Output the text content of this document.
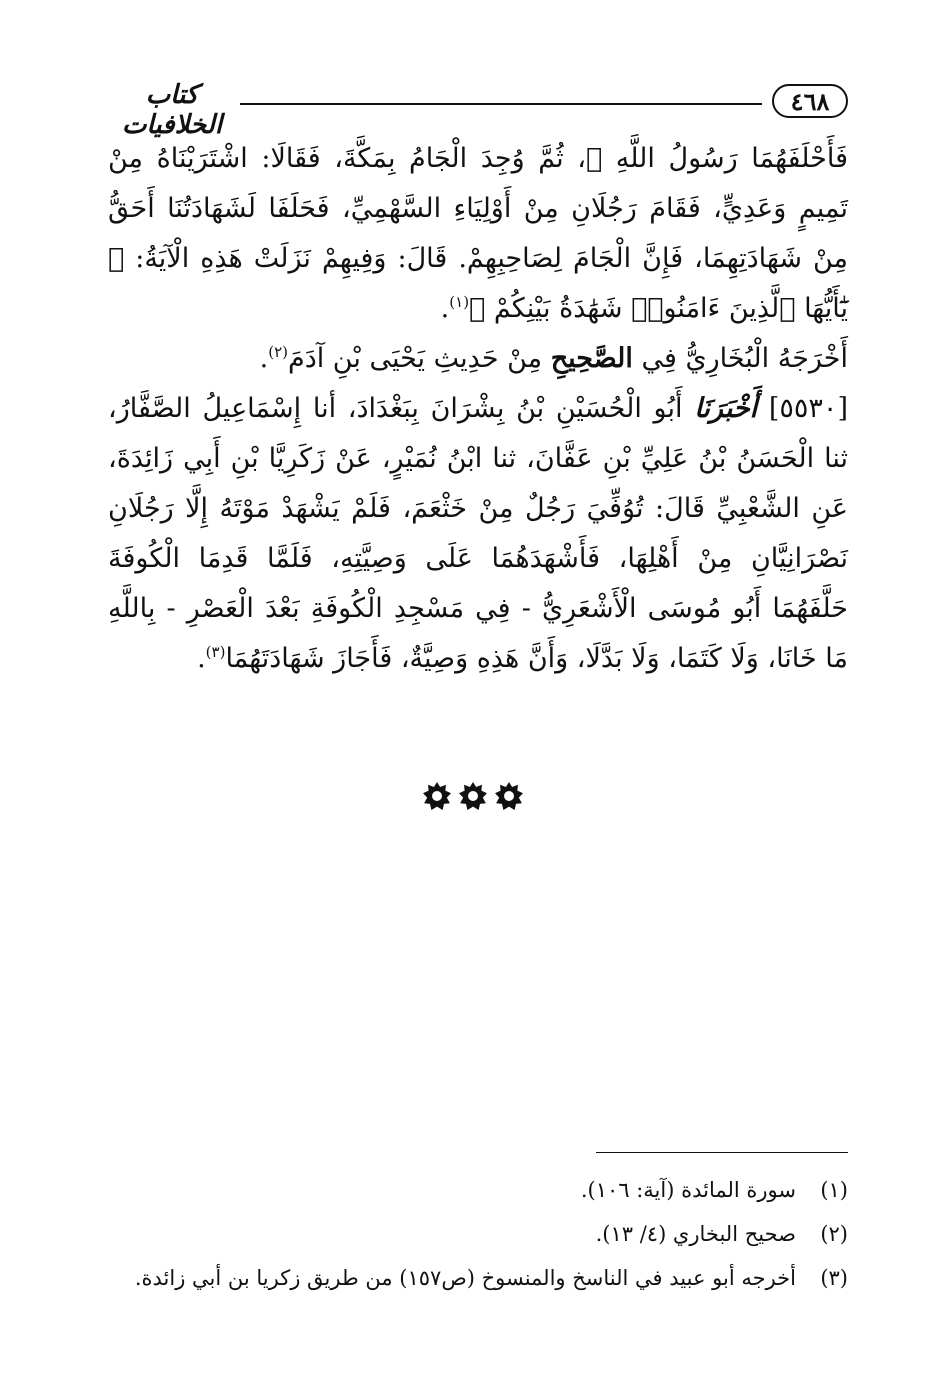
٤٦٨
كتاب الخلافيات

فَأَحْلَفَهُمَا رَسُولُ اللَّهِ ﷺ، ثُمَّ وُجِدَ الْجَامُ بِمَكَّةَ، فَقَالَا: اشْتَرَيْنَاهُ مِنْ تَمِيمٍ وَعَدِيٍّ، فَقَامَ رَجُلَانِ مِنْ أَوْلِيَاءِ السَّهْمِيِّ، فَحَلَفَا لَشَهَادَتُنَا أَحَقُّ مِنْ شَهَادَتِهِمَا، فَإِنَّ الْجَامَ لِصَاحِبِهِمْ. قَالَ: وَفِيهِمْ نَزَلَتْ هَذِهِ الْآيَةُ: ﴿ يَٰٓأَيُّهَا ٱلَّذِينَ ءَامَنُوا۟ شَهَٰدَةُ بَيْنِكُمْ ﴾$^{(١)}$.

أَخْرَجَهُ الْبُخَارِيُّ فِي الصَّحِيحِ مِنْ حَدِيثِ يَحْيَى بْنِ آدَمَ$^{(٢)}$.

[٥٥٣٠] أَخْبَرَنَا أَبُو الْحُسَيْنِ بْنُ بِشْرَانَ بِبَغْدَادَ، أنا إِسْمَاعِيلُ الصَّفَّارُ، ثنا الْحَسَنُ بْنُ عَلِيِّ بْنِ عَفَّانَ، ثنا ابْنُ نُمَيْرٍ، عَنْ زَكَرِيَّا بْنِ أَبِي زَائِدَةَ، عَنِ الشَّعْبِيِّ قَالَ: تُوُفِّيَ رَجُلٌ مِنْ خَثْعَمَ، فَلَمْ يَشْهَدْ مَوْتَهُ إِلَّا رَجُلَانِ نَصْرَانِيَّانِ مِنْ أَهْلِهَا، فَأَشْهَدَهُمَا عَلَى وَصِيَّتِهِ، فَلَمَّا قَدِمَا الْكُوفَةَ حَلَّفَهُمَا أَبُو مُوسَى الْأَشْعَرِيُّ - فِي مَسْجِدِ الْكُوفَةِ بَعْدَ الْعَصْرِ - بِاللَّهِ مَا خَانَا، وَلَا كَتَمَا، وَلَا بَدَّلَا، وَأَنَّ هَذِهِ وَصِيَّةٌ، فَأَجَازَ شَهَادَتَهُمَا$^{(٣)}$.

(١)
سورة المائدة (آية: ١٠٦).
(٢)
صحيح البخاري (٤/ ١٣).
(٣)
أخرجه أبو عبيد في الناسخ والمنسوخ (ص١٥٧) من طريق زكريا بن أبي زائدة.
